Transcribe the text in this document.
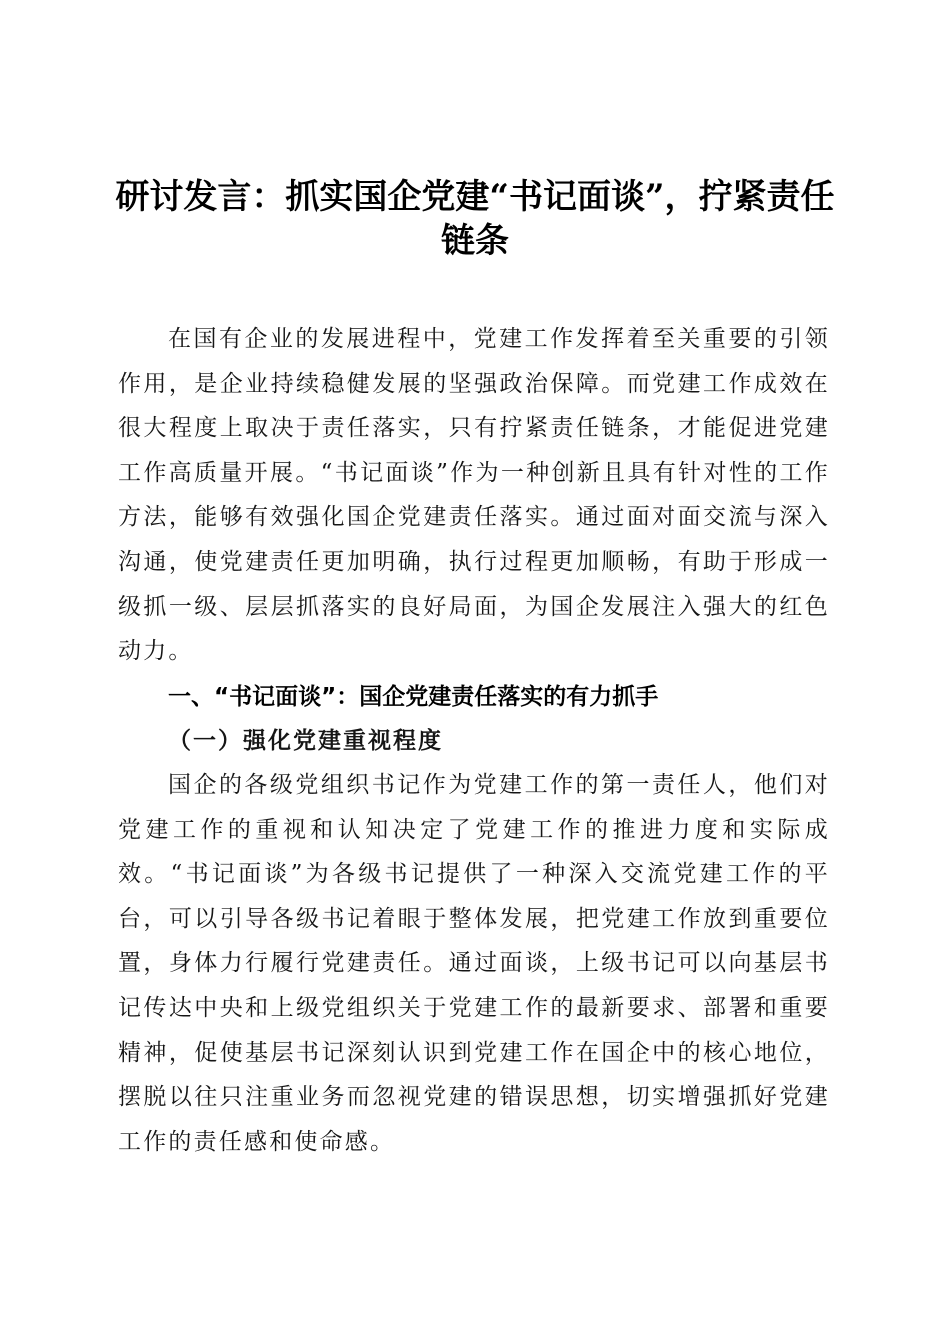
研讨发言：抓实国企党建“书记面谈”，拧紧责任链条

在国有企业的发展进程中，党建工作发挥着至关重要的引领作用，是企业持续稳健发展的坚强政治保障。而党建工作成效在很大程度上取决于责任落实，只有拧紧责任链条，才能促进党建工作高质量开展。“书记面谈”作为一种创新且具有针对性的工作方法，能够有效强化国企党建责任落实。通过面对面交流与深入沟通，使党建责任更加明确，执行过程更加顺畅，有助于形成一级抓一级、层层抓落实的良好局面，为国企发展注入强大的红色动力。

一、“书记面谈”：国企党建责任落实的有力抓手
（一）强化党建重视程度

国企的各级党组织书记作为党建工作的第一责任人，他们对党建工作的重视和认知决定了党建工作的推进力度和实际成效。“书记面谈”为各级书记提供了一种深入交流党建工作的平台，可以引导各级书记着眼于整体发展，把党建工作放到重要位置，身体力行履行党建责任。通过面谈，上级书记可以向基层书记传达中央和上级党组织关于党建工作的最新要求、部署和重要精神，促使基层书记深刻认识到党建工作在国企中的核心地位，摆脱以往只注重业务而忽视党建的错误思想，切实增强抓好党建工作的责任感和使命感。
